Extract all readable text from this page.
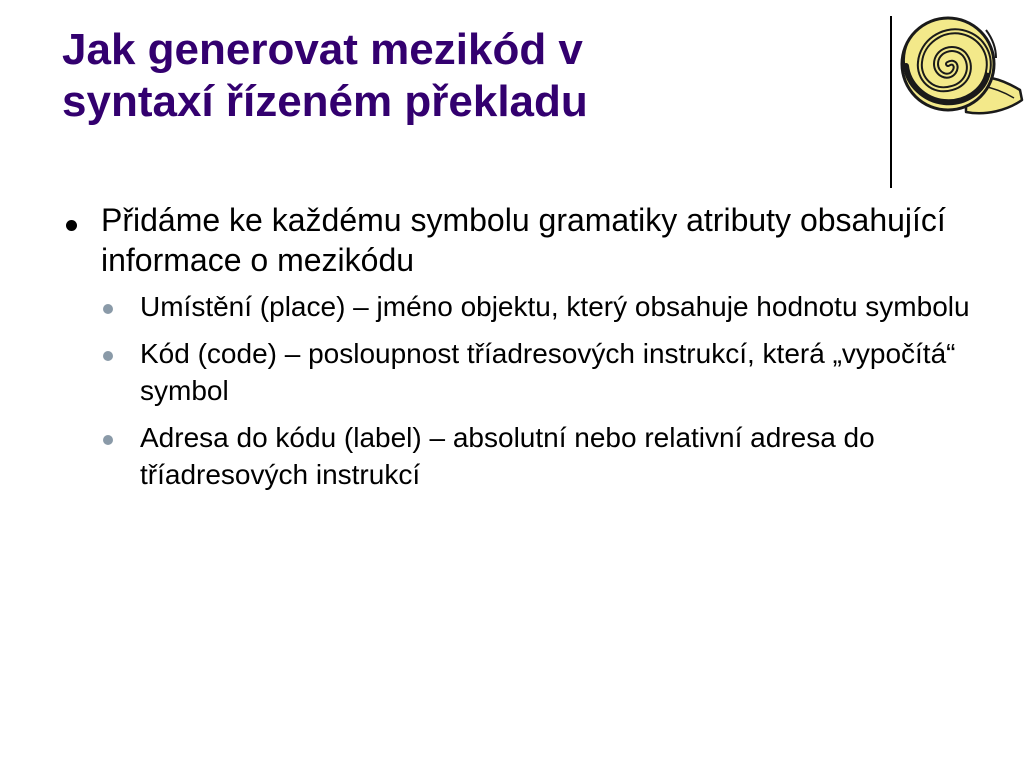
Jak generovat mezikód v
syntaxí řízeném překladu
Přidáme ke každému symbolu gramatiky atributy obsahující informace o mezikódu
Umístění (place) – jméno objektu, který obsahuje hodnotu symbolu
Kód (code) – posloupnost tříadresových instrukcí, která „vypočítá“ symbol
Adresa do kódu (label) – absolutní nebo relativní adresa do tříadresových instrukcí
